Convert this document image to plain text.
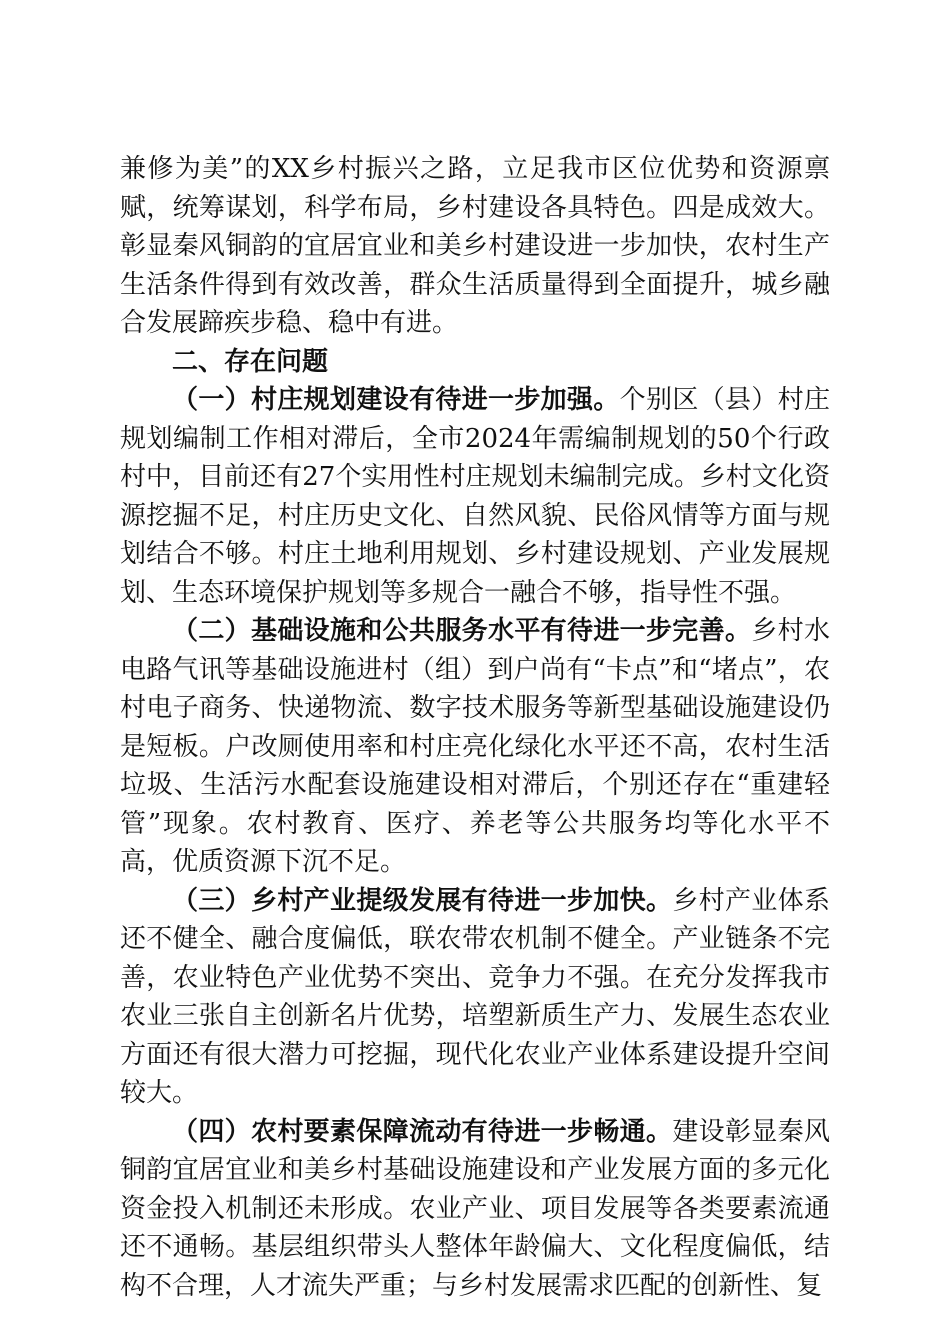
兼修为美”的XX乡村振兴之路，立足我市区位优势和资源禀赋，统筹谋划，科学布局，乡村建设各具特色。四是成效大。彰显秦风铜韵的宜居宜业和美乡村建设进一步加快，农村生产生活条件得到有效改善，群众生活质量得到全面提升，城乡融合发展蹄疾步稳、稳中有进。

二、存在问题

（一）村庄规划建设有待进一步加强。个别区（县）村庄规划编制工作相对滞后，全市2024年需编制规划的50个行政村中，目前还有27个实用性村庄规划未编制完成。乡村文化资源挖掘不足，村庄历史文化、自然风貌、民俗风情等方面与规划结合不够。村庄土地利用规划、乡村建设规划、产业发展规划、生态环境保护规划等多规合一融合不够，指导性不强。

（二）基础设施和公共服务水平有待进一步完善。乡村水电路气讯等基础设施进村（组）到户尚有“卡点”和“堵点”，农村电子商务、快递物流、数字技术服务等新型基础设施建设仍是短板。户改厕使用率和村庄亮化绿化水平还不高，农村生活垃圾、生活污水配套设施建设相对滞后，个别还存在“重建轻管”现象。农村教育、医疗、养老等公共服务均等化水平不高，优质资源下沉不足。

（三）乡村产业提级发展有待进一步加快。乡村产业体系还不健全、融合度偏低，联农带农机制不健全。产业链条不完善，农业特色产业优势不突出、竞争力不强。在充分发挥我市农业三张自主创新名片优势，培塑新质生产力、发展生态农业方面还有很大潜力可挖掘，现代化农业产业体系建设提升空间较大。

（四）农村要素保障流动有待进一步畅通。建设彰显秦风铜韵宜居宜业和美乡村基础设施建设和产业发展方面的多元化资金投入机制还未形成。农业产业、项目发展等各类要素流通还不通畅。基层组织带头人整体年龄偏大、文化程度偏低，结构不合理，人才流失严重；与乡村发展需求匹配的创新性、复
